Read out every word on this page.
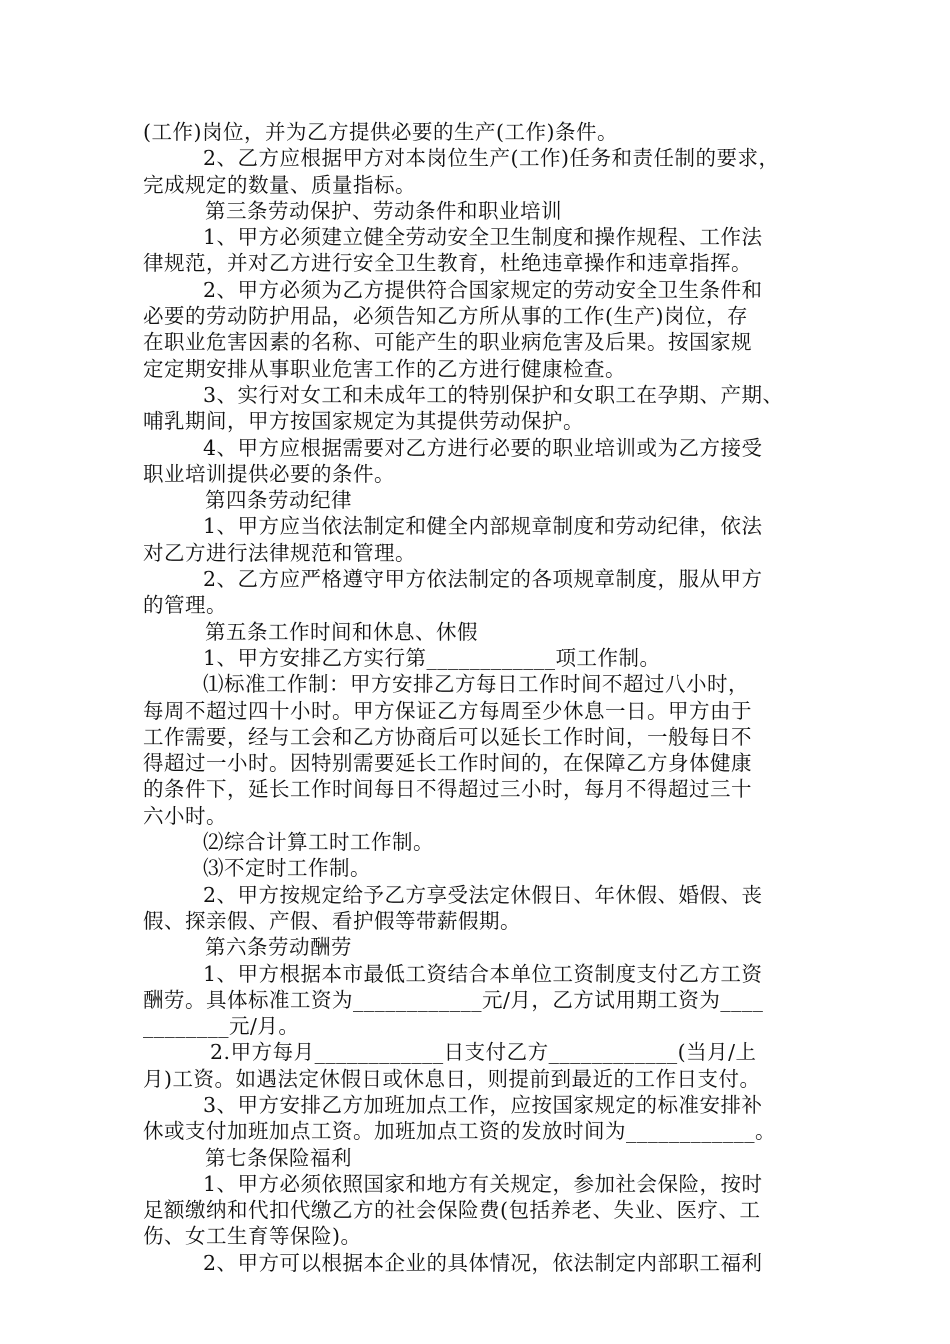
(工作)岗位，并为乙方提供必要的生产(工作)条件。
2、乙方应根据甲方对本岗位生产(工作)任务和责任制的要求，
完成规定的数量、质量指标。
第三条劳动保护、劳动条件和职业培训
1、甲方必须建立健全劳动安全卫生制度和操作规程、工作法
律规范，并对乙方进行安全卫生教育，杜绝违章操作和违章指挥。
2、甲方必须为乙方提供符合国家规定的劳动安全卫生条件和
必要的劳动防护用品，必须告知乙方所从事的工作(生产)岗位，存
在职业危害因素的名称、可能产生的职业病危害及后果。按国家规
定定期安排从事职业危害工作的乙方进行健康检查。
3、实行对女工和未成年工的特别保护和女职工在孕期、产期、
哺乳期间，甲方按国家规定为其提供劳动保护。
4、甲方应根据需要对乙方进行必要的职业培训或为乙方接受
职业培训提供必要的条件。
第四条劳动纪律
1、甲方应当依法制定和健全内部规章制度和劳动纪律，依法
对乙方进行法律规范和管理。
2、乙方应严格遵守甲方依法制定的各项规章制度，服从甲方
的管理。
第五条工作时间和休息、休假
1、甲方安排乙方实行第____________项工作制。
⑴标准工作制：甲方安排乙方每日工作时间不超过八小时，
每周不超过四十小时。甲方保证乙方每周至少休息一日。甲方由于
工作需要，经与工会和乙方协商后可以延长工作时间，一般每日不
得超过一小时。因特别需要延长工作时间的，在保障乙方身体健康
的条件下，延长工作时间每日不得超过三小时，每月不得超过三十
六小时。
⑵综合计算工时工作制。
⑶不定时工作制。
2、甲方按规定给予乙方享受法定休假日、年休假、婚假、丧
假、探亲假、产假、看护假等带薪假期。
第六条劳动酬劳
1、甲方根据本市最低工资结合本单位工资制度支付乙方工资
酬劳。具体标准工资为____________元/月，乙方试用期工资为____
________元/月。
2.甲方每月____________日支付乙方____________(当月/上
月)工资。如遇法定休假日或休息日，则提前到最近的工作日支付。
3、甲方安排乙方加班加点工作，应按国家规定的标准安排补
休或支付加班加点工资。加班加点工资的发放时间为____________。
第七条保险福利
1、甲方必须依照国家和地方有关规定，参加社会保险，按时
足额缴纳和代扣代缴乙方的社会保险费(包括养老、失业、医疗、工
伤、女工生育等保险)。
2、甲方可以根据本企业的具体情况，依法制定内部职工福利
